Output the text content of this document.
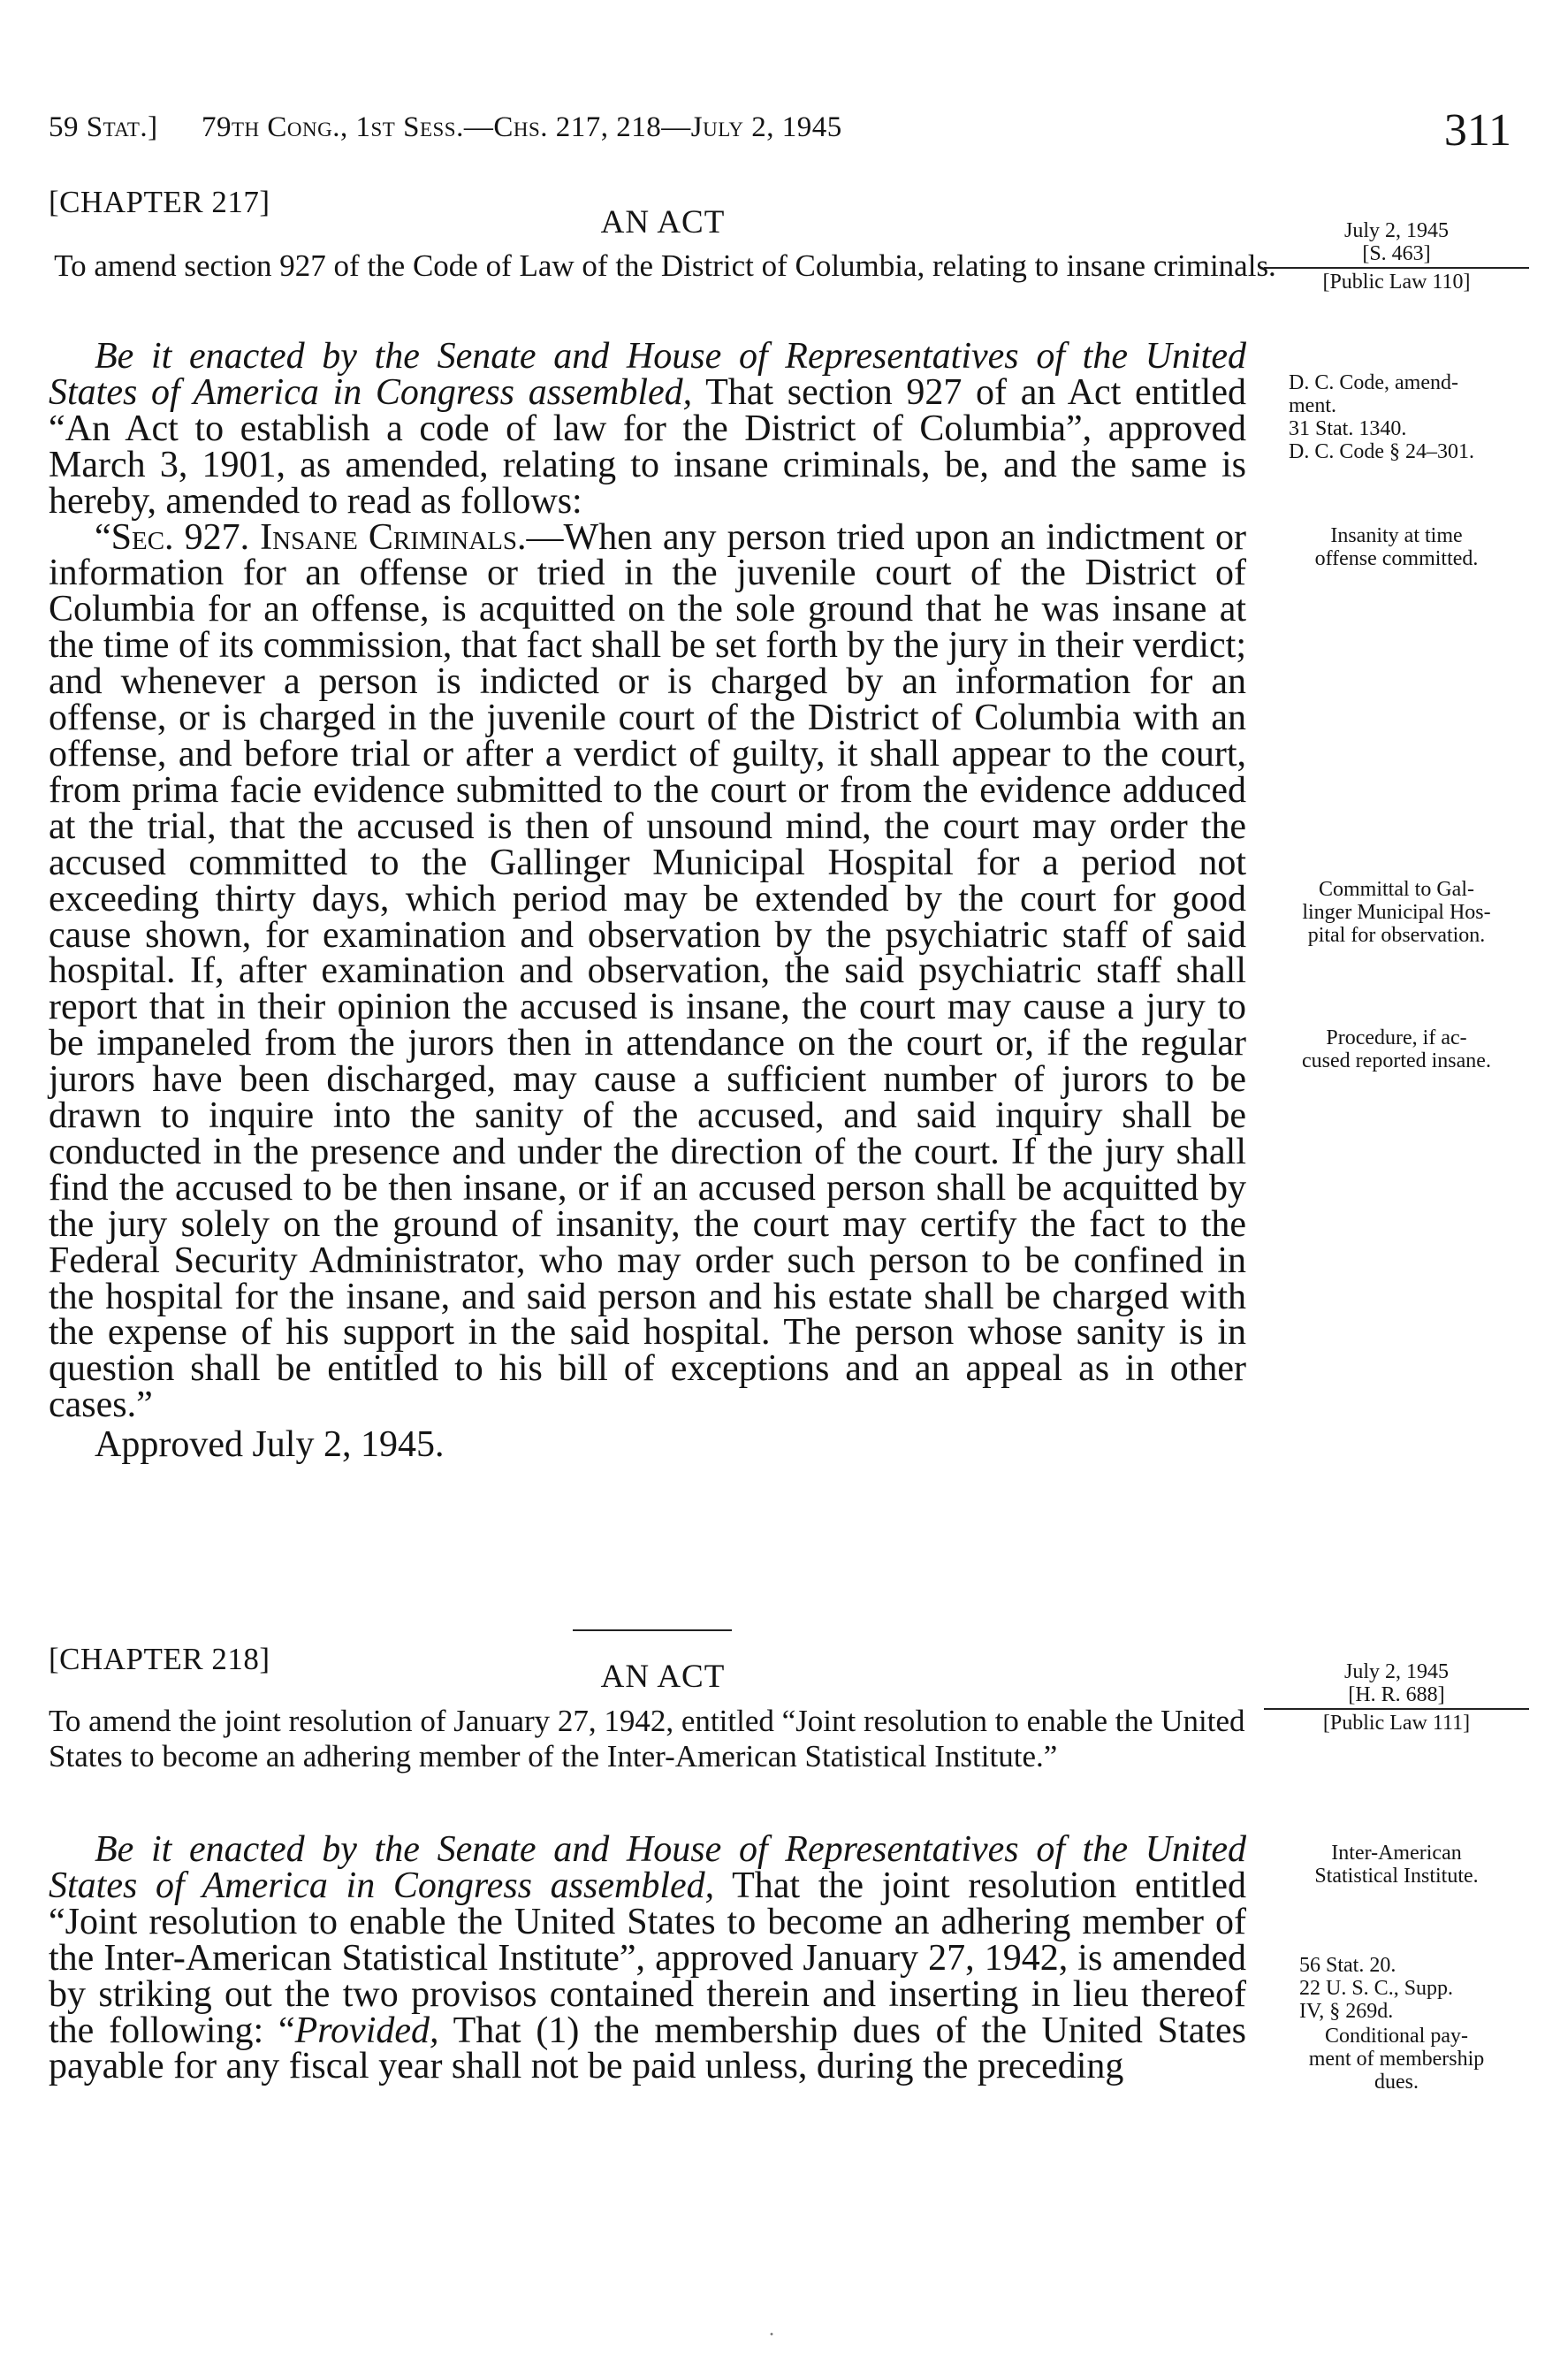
59 Stat.] 79th Cong., 1st Sess.—Chs. 217, 218—July 2, 1945	311
[CHAPTER 217]
AN ACT
To amend section 927 of the Code of Law of the District of Columbia, relating to insane criminals.
July 2, 1945
[S. 463]
[Public Law 110]

Be it enacted by the Senate and House of Representatives of the United States of America in Congress assembled, That section 927 of an Act entitled “An Act to establish a code of law for the District of Columbia”, approved March 3, 1901, as amended, relating to insane criminals, be, and the same is hereby, amended to read as follows:

“Sec. 927. Insane Criminals.—When any person tried upon an indictment or information for an offense or tried in the juvenile court of the District of Columbia for an offense, is acquitted on the sole ground that he was insane at the time of its commission, that fact shall be set forth by the jury in their verdict; and whenever a person is indicted or is charged by an information for an offense, or is charged in the juvenile court of the District of Columbia with an offense, and before trial or after a verdict of guilty, it shall appear to the court, from prima facie evidence submitted to the court or from the evidence adduced at the trial, that the accused is then of unsound mind, the court may order the accused committed to the Gallinger Municipal Hospital for a period not exceeding thirty days, which period may be extended by the court for good cause shown, for examination and observation by the psychiatric staff of said hospital. If, after examination and observation, the said psychiatric staff shall report that in their opinion the accused is insane, the court may cause a jury to be impaneled from the jurors then in attendance on the court or, if the regular jurors have been discharged, may cause a sufficient number of jurors to be drawn to inquire into the sanity of the accused, and said inquiry shall be conducted in the presence and under the direction of the court. If the jury shall find the accused to be then insane, or if an accused person shall be acquitted by the jury solely on the ground of insanity, the court may certify the fact to the Federal Security Administrator, who may order such person to be confined in the hospital for the insane, and said person and his estate shall be charged with the expense of his support in the said hospital. The person whose sanity is in question shall be entitled to his bill of exceptions and an appeal as in other cases.”

Approved July 2, 1945.

D. C. Code, amend-
ment.
31 Stat. 1340.
D. C. Code § 24–301.
Insanity at time
offense committed.
Committal to Gal-
linger Municipal Hos-
pital for observation.
Procedure, if ac-
cused reported insane.
[CHAPTER 218]	AN ACT
To amend the joint resolution of January 27, 1942, entitled “Joint resolution to enable the United States to become an adhering member of the Inter-American Statistical Institute.”
July 2, 1945
[H. R. 688]
[Public Law 111]

Be it enacted by the Senate and House of Representatives of the United States of America in Congress assembled, That the joint resolution entitled “Joint resolution to enable the United States to become an adhering member of the Inter-American Statistical Institute”, approved January 27, 1942, is amended by striking out the two provisos contained therein and inserting in lieu thereof the following: “Provided, That (1) the membership dues of the United States payable for any fiscal year shall not be paid unless, during the preceding

Inter-American
Statistical Institute.
56 Stat. 20.
22 U. S. C., Supp.
IV, § 269d.
Conditional pay-
ment of membership
dues.
·
